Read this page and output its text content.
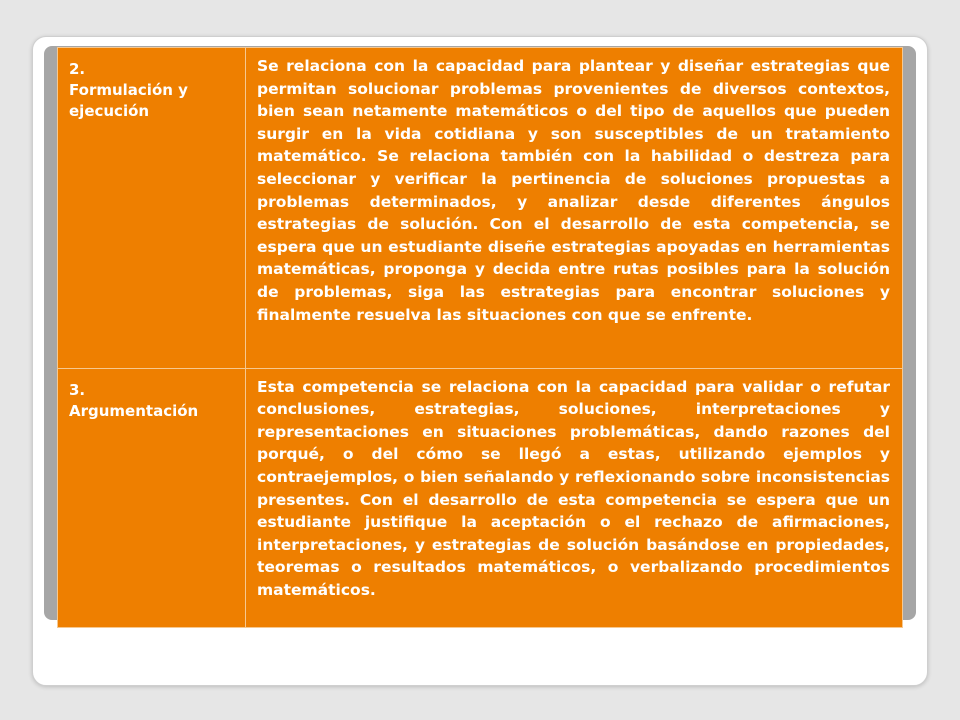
2.
Formulación y ejecución	Se relaciona con la capacidad para plantear y diseñar estrategias que permitan solucionar problemas provenientes de diversos contextos, bien sean netamente matemáticos o del tipo de aquellos que pueden surgir en la vida cotidiana y son susceptibles de un tratamiento matemático. Se relaciona también con la habilidad o destreza para seleccionar y verificar la pertinencia de soluciones propuestas a problemas determinados, y analizar desde diferentes ángulos estrategias de solución. Con el desarrollo de esta competencia, se espera que un estudiante diseñe estrategias apoyadas en herramientas matemáticas, proponga y decida entre rutas posibles para la solución de problemas, siga las estrategias para encontrar soluciones y finalmente resuelva las situaciones con que se enfrente.

3.
Argumentación	Esta competencia se relaciona con la capacidad para validar o refutar conclusiones, estrategias, soluciones, interpretaciones y representaciones en situaciones problemáticas, dando razones del porqué, o del cómo se llegó a estas, utilizando ejemplos y contraejemplos, o bien señalando y reflexionando sobre inconsistencias presentes. Con el desarrollo de esta competencia se espera que un estudiante justifique la aceptación o el rechazo de afirmaciones, interpretaciones, y estrategias de solución basándose en propiedades, teoremas o resultados matemáticos, o verbalizando procedimientos matemáticos.
